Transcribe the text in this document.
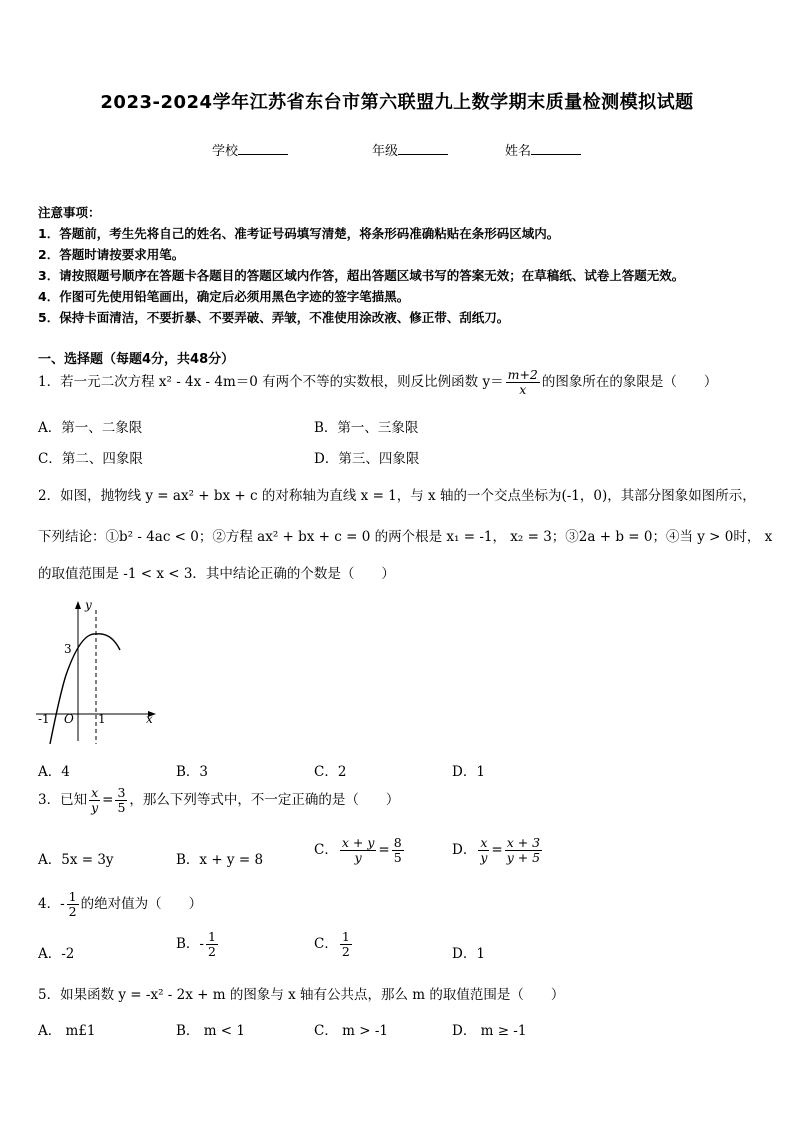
2023-2024学年江苏省东台市第六联盟九上数学期末质量检测模拟试题
学校	年级	姓名
注意事项：
1．答题前，考生先将自己的姓名、准考证号码填写清楚，将条形码准确粘贴在条形码区域内。
2．答题时请按要求用笔。
3．请按照题号顺序在答题卡各题目的答题区域内作答，超出答题区域书写的答案无效；在草稿纸、试卷上答题无效。
4．作图可先使用铅笔画出，确定后必须用黑色字迹的签字笔描黑。
5．保持卡面清洁，不要折暴、不要弄破、弄皱，不准使用涂改液、修正带、刮纸刀。
一、选择题（每题4分，共48分）
1．若一元二次方程 x² - 4x - 4m＝0 有两个不等的实数根，则反比例函数 $y= \frac{m+2}{x}$ 的图象所在的象限是（　　）
A．第一、二象限	B．第一、三象限
C．第二、四象限	D．第三、四象限
2．如图，抛物线 y = ax² + bx + c 的对称轴为直线 x = 1，与 x 轴的一个交点坐标为(-1，0)，其部分图象如图所示，
下列结论：①b² - 4ac < 0；②方程 ax² + bx + c = 0 的两个根是 x₁ = -1， x₂ = 3；③2a + b = 0；④当 y > 0时， x
的取值范围是 -1 < x < 3．其中结论正确的个数是（　　）
y
x
O
3
-1	1
A．4	B．3	C．2	D．1
3．已知 $\frac{x}{y} = \frac{3}{5}$ ，那么下列等式中，不一定正确的是（　　）
A．5x = 3y	B．x + y = 8
C． $\frac{x + y}{y} = \frac{8}{5}$	D． $\frac{x}{y} = \frac{x + 3}{y + 5}$
4．- $\frac{1}{2}$ 的绝对值为（　　）
A．-2
B．- $\frac{1}{2}$	C． $\frac{1}{2}$	D．1
5．如果函数 y = -x² - 2x + m 的图象与 x 轴有公共点，那么 m 的取值范围是（　　）
A． m£1	B． m < 1	C． m > -1	D． m ≥ -1
